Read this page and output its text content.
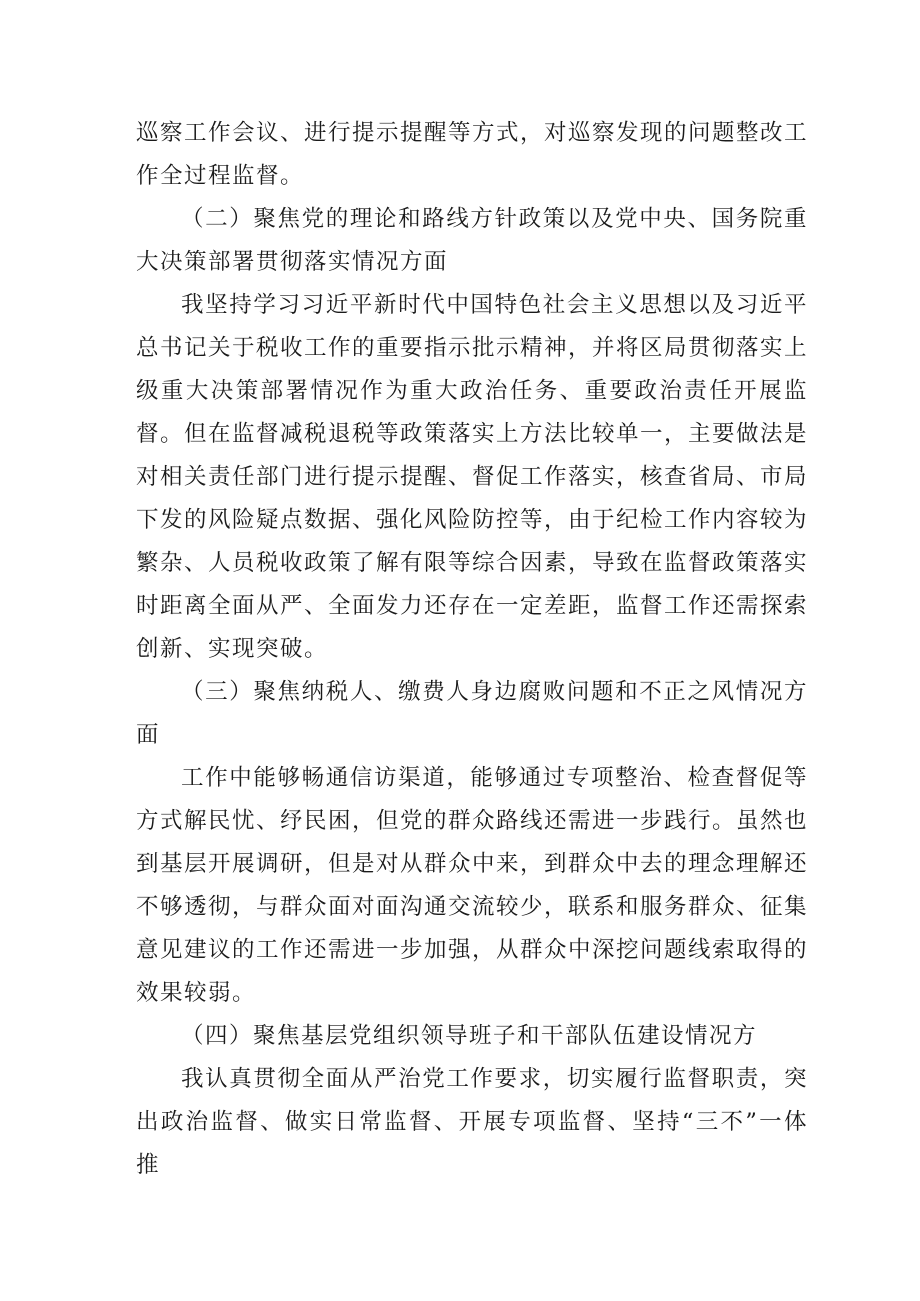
巡察工作会议、进行提示提醒等方式，对巡察发现的问题整改工作全过程监督。

（二）聚焦党的理论和路线方针政策以及党中央、国务院重大决策部署贯彻落实情况方面

我坚持学习习近平新时代中国特色社会主义思想以及习近平总书记关于税收工作的重要指示批示精神，并将区局贯彻落实上级重大决策部署情况作为重大政治任务、重要政治责任开展监督。但在监督减税退税等政策落实上方法比较单一，主要做法是对相关责任部门进行提示提醒、督促工作落实，核查省局、市局下发的风险疑点数据、强化风险防控等，由于纪检工作内容较为繁杂、人员税收政策了解有限等综合因素，导致在监督政策落实时距离全面从严、全面发力还存在一定差距，监督工作还需探索创新、实现突破。

（三）聚焦纳税人、缴费人身边腐败问题和不正之风情况方面

工作中能够畅通信访渠道，能够通过专项整治、检查督促等方式解民忧、纾民困，但党的群众路线还需进一步践行。虽然也到基层开展调研，但是对从群众中来，到群众中去的理念理解还不够透彻，与群众面对面沟通交流较少，联系和服务群众、征集意见建议的工作还需进一步加强，从群众中深挖问题线索取得的效果较弱。

（四）聚焦基层党组织领导班子和干部队伍建设情况方

我认真贯彻全面从严治党工作要求，切实履行监督职责，突出政治监督、做实日常监督、开展专项监督、坚持“三不”一体推
